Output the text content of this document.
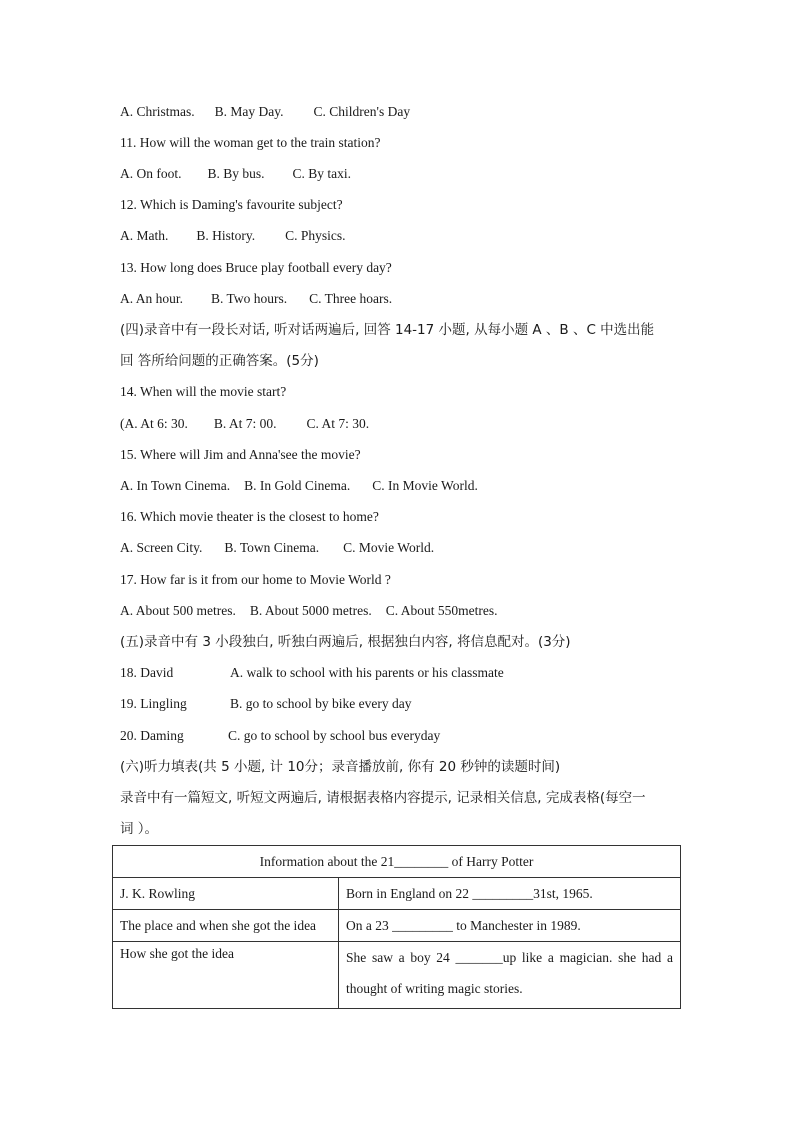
A. Christmas. B. May Day. C. Children's Day
11. How will the woman get to the train station?
A. On foot. B. By bus. C. By taxi.
12. Which is Daming's favourite subject?
A. Math. B. History. C. Physics.
13. How long does Bruce play football every day?
A. An hour. B. Two hours. C. Three hoars.
(四)录音中有一段长对话, 听对话两遍后, 回答 14-17 小题, 从每小题 A 、B 、C 中选出能
回 答所给问题的正确答案。(5分)
14. When will the movie start?
(A. At 6: 30. B. At 7: 00. C. At 7: 30.
15. Where will Jim and Anna'see the movie?
A. In Town Cinema. B. In Gold Cinema. C. In Movie World.
16. Which movie theater is the closest to home?
A. Screen City. B. Town Cinema. C. Movie World.
17. How far is it from our home to Movie World ?
A. About 500 metres. B. About 5000 metres. C. About 550metres.
(五)录音中有 3 小段独白, 听独白两遍后, 根据独白内容, 将信息配对。(3分)
18. David	A. walk to school with his parents or his classmate
19. Lingling	B. go to school by bike every day
20. Daming	C. go to school by school bus everyday
(六)听力填表(共 5 小题, 计 10分；录音播放前, 你有 20 秒钟的读题时间)
录音中有一篇短文, 听短文两遍后, 请根据表格内容提示, 记录相关信息, 完成表格(每空一
词 ）。
Information about the 21________ of Harry Potter	
J. K. Rowling	Born in England on 22 _________31st, 1965.
The place and when she got the idea	On a 23 _________ to Manchester in 1989.
How she got the idea	She saw a boy 24 _______up like a magician. she had a thought of writing magic stories.
